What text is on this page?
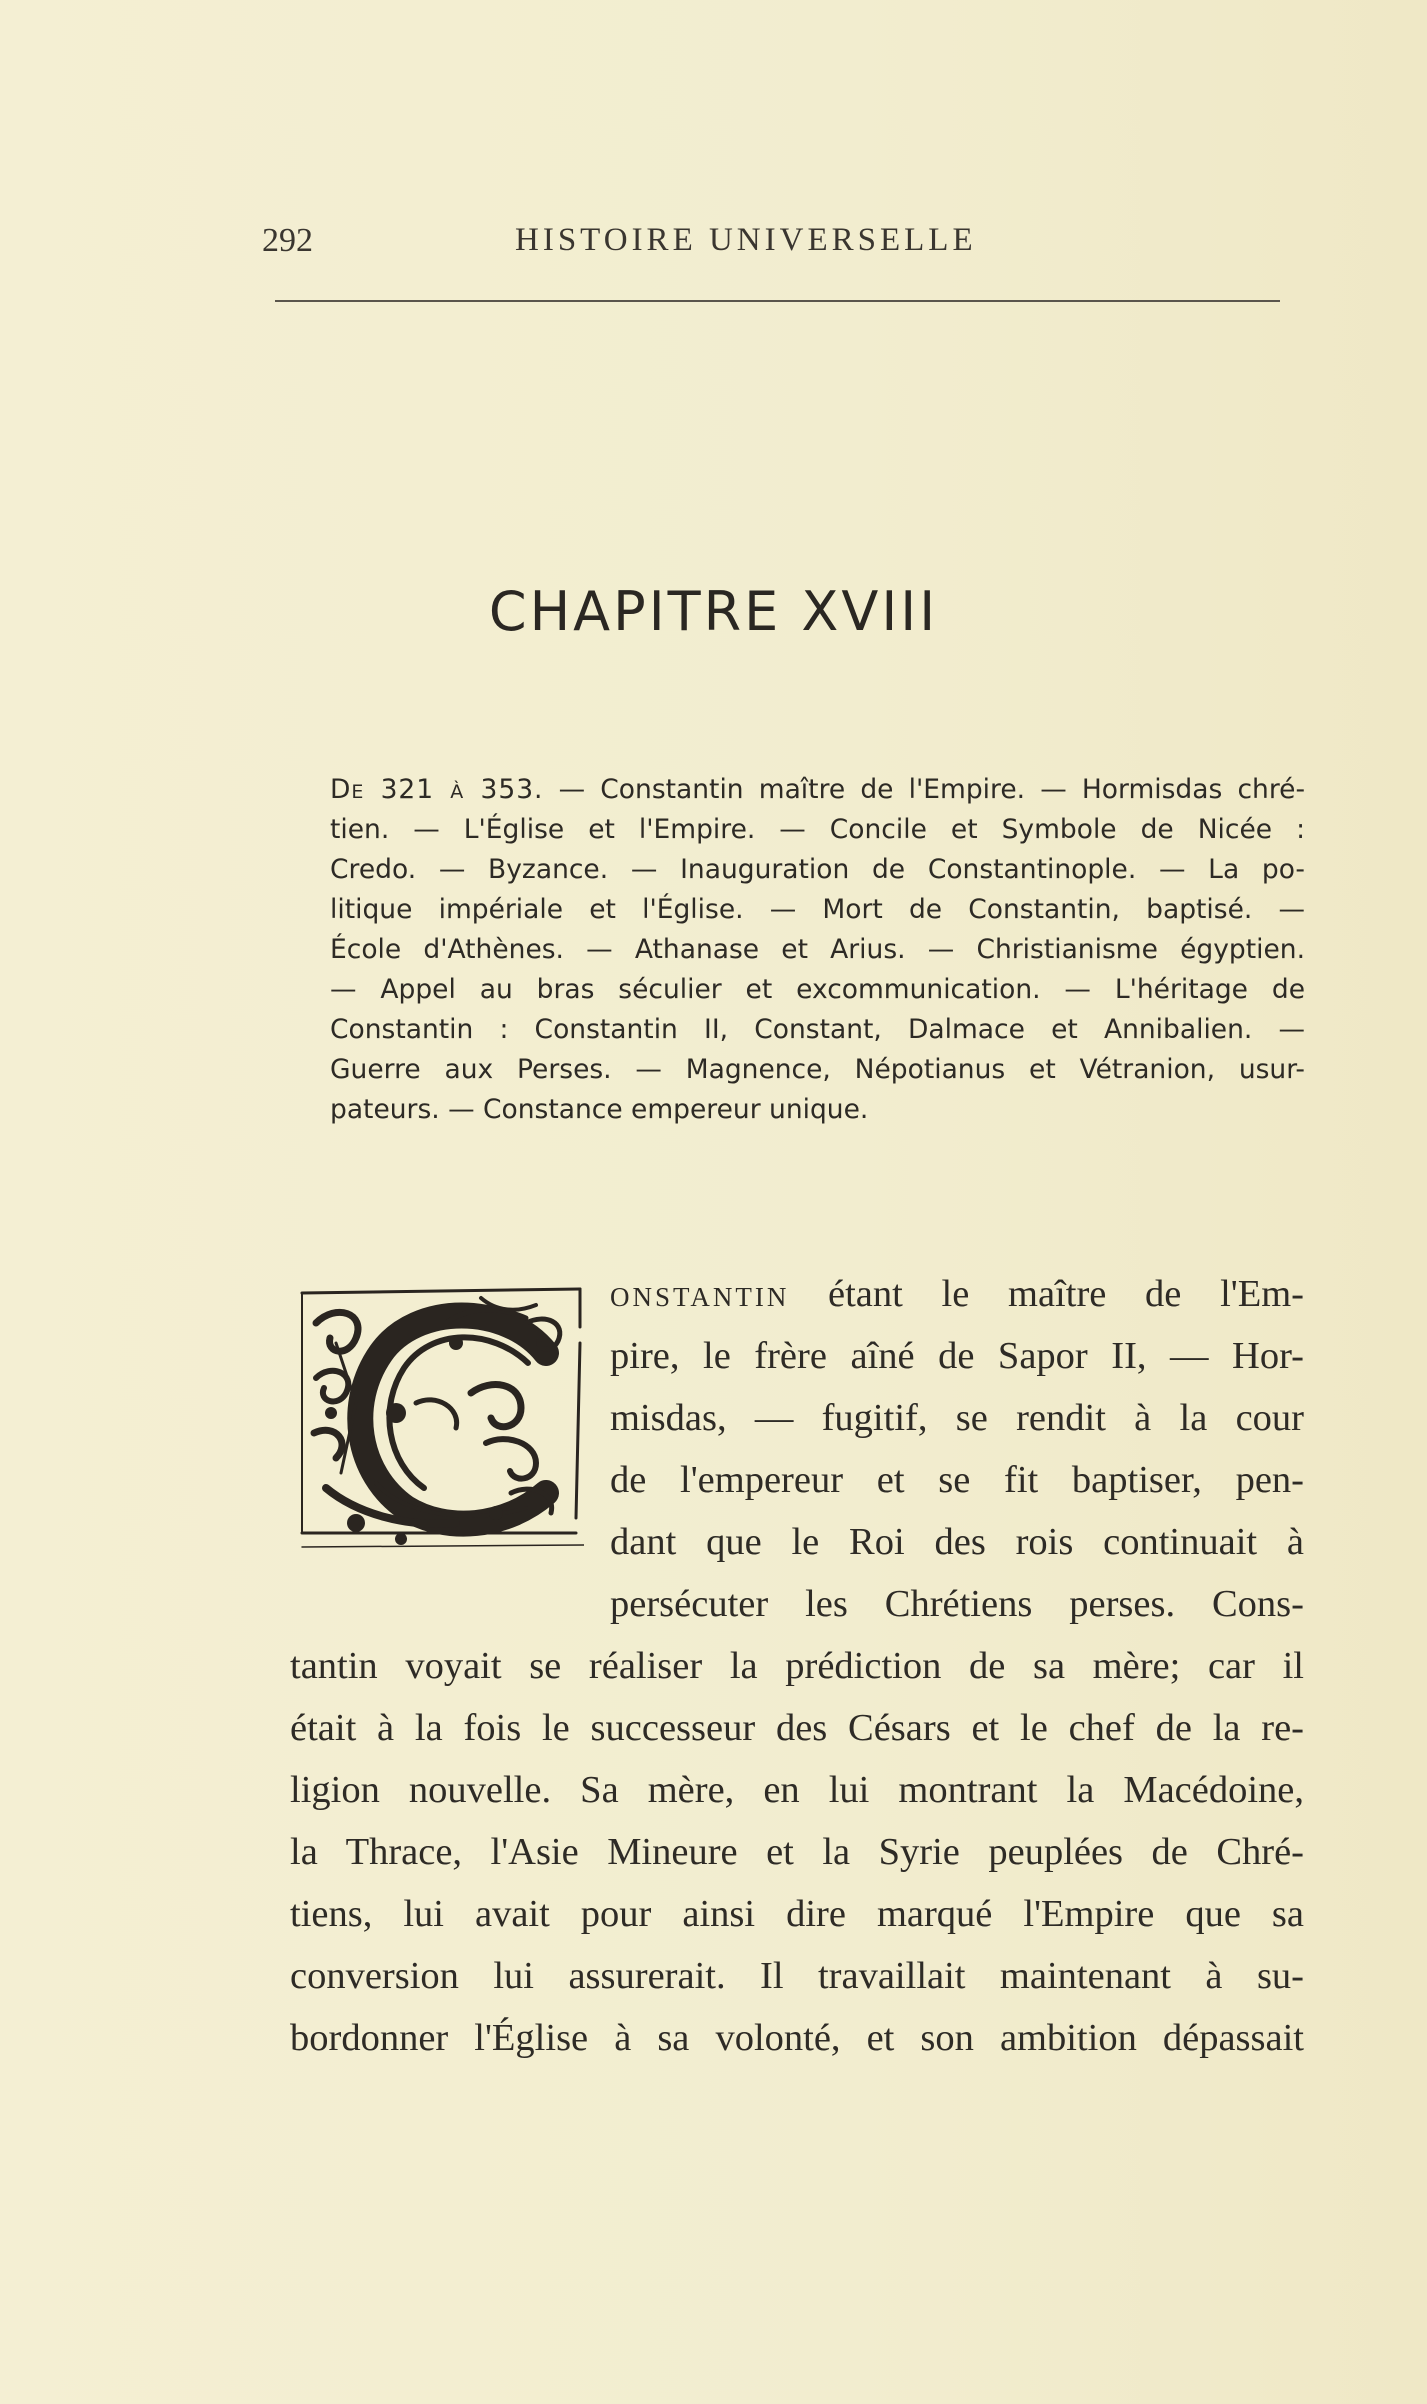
292	HISTOIRE UNIVERSELLE
CHAPITRE XVIII
De 321 à 353. — Constantin maître de l'Empire. — Hormisdas chré-
tien. — L'Église et l'Empire. — Concile et Symbole de Nicée :
Credo. — Byzance. — Inauguration de Constantinople. — La po-
litique impériale et l'Église. — Mort de Constantin, baptisé. —
École d'Athènes. — Athanase et Arius. — Christianisme égyptien.
— Appel au bras séculier et excommunication. — L'héritage de
Constantin : Constantin II, Constant, Dalmace et Annibalien. —
Guerre aux Perses. — Magnence, Népotianus et Vétranion, usur-
pateurs. — Constance empereur unique.
onstantin étant le maître de l'Em-
pire, le frère aîné de Sapor II, — Hor-
misdas, — fugitif, se rendit à la cour
de l'empereur et se fit baptiser, pen-
dant que le Roi des rois continuait à
persécuter les Chrétiens perses. Cons-
tantin voyait se réaliser la prédiction de sa mère; car il
était à la fois le successeur des Césars et le chef de la re-
ligion nouvelle. Sa mère, en lui montrant la Macédoine,
la Thrace, l'Asie Mineure et la Syrie peuplées de Chré-
tiens, lui avait pour ainsi dire marqué l'Empire que sa
conversion lui assurerait. Il travaillait maintenant à su-
bordonner l'Église à sa volonté, et son ambition dépassait
